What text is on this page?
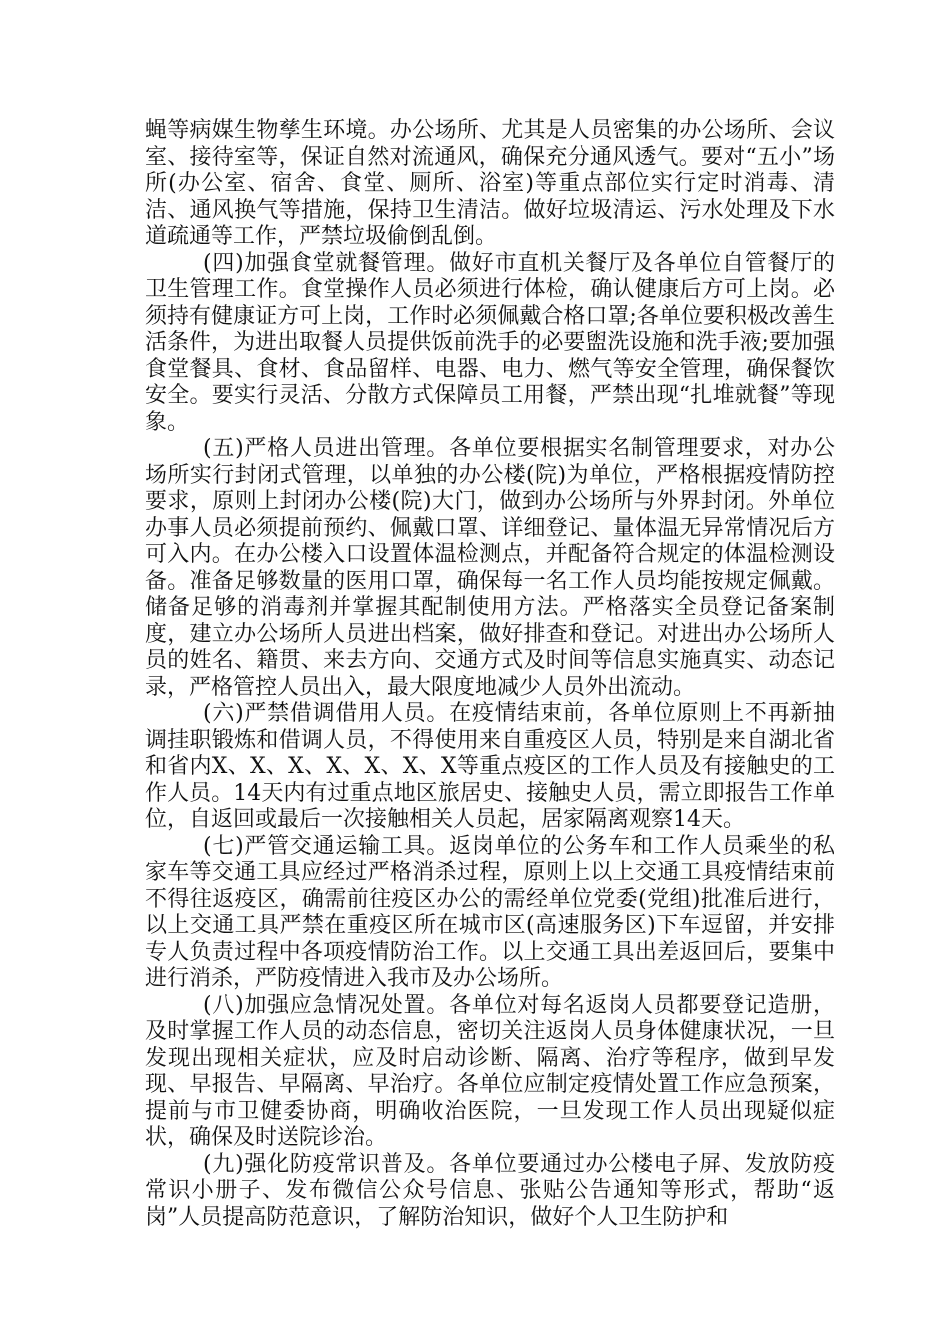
蝇等病媒生物孳生环境。办公场所、尤其是人员密集的办公场所、会议室、接待室等，保证自然对流通风，确保充分通风透气。要对“五小”场所(办公室、宿舍、食堂、厕所、浴室)等重点部位实行定时消毒、清洁、通风换气等措施，保持卫生清洁。做好垃圾清运、污水处理及下水道疏通等工作，严禁垃圾偷倒乱倒。

(四)加强食堂就餐管理。做好市直机关餐厅及各单位自管餐厅的卫生管理工作。食堂操作人员必须进行体检，确认健康后方可上岗。必须持有健康证方可上岗，工作时必须佩戴合格口罩;各单位要积极改善生活条件，为进出取餐人员提供饭前洗手的必要盥洗设施和洗手液;要加强食堂餐具、食材、食品留样、电器、电力、燃气等安全管理，确保餐饮安全。要实行灵活、分散方式保障员工用餐，严禁出现“扎堆就餐”等现象。

(五)严格人员进出管理。各单位要根据实名制管理要求，对办公场所实行封闭式管理，以单独的办公楼(院)为单位，严格根据疫情防控要求，原则上封闭办公楼(院)大门，做到办公场所与外界封闭。外单位办事人员必须提前预约、佩戴口罩、详细登记、量体温无异常情况后方可入内。在办公楼入口设置体温检测点，并配备符合规定的体温检测设备。准备足够数量的医用口罩，确保每一名工作人员均能按规定佩戴。储备足够的消毒剂并掌握其配制使用方法。严格落实全员登记备案制度，建立办公场所人员进出档案，做好排查和登记。对进出办公场所人员的姓名、籍贯、来去方向、交通方式及时间等信息实施真实、动态记录，严格管控人员出入，最大限度地减少人员外出流动。

(六)严禁借调借用人员。在疫情结束前，各单位原则上不再新抽调挂职锻炼和借调人员，不得使用来自重疫区人员，特别是来自湖北省和省内X、X、X、X、X、X、X等重点疫区的工作人员及有接触史的工作人员。14天内有过重点地区旅居史、接触史人员，需立即报告工作单位，自返回或最后一次接触相关人员起，居家隔离观察14天。

(七)严管交通运输工具。返岗单位的公务车和工作人员乘坐的私家车等交通工具应经过严格消杀过程，原则上以上交通工具疫情结束前不得往返疫区，确需前往疫区办公的需经单位党委(党组)批准后进行，以上交通工具严禁在重疫区所在城市区(高速服务区)下车逗留，并安排专人负责过程中各项疫情防治工作。以上交通工具出差返回后，要集中进行消杀，严防疫情进入我市及办公场所。

(八)加强应急情况处置。各单位对每名返岗人员都要登记造册，及时掌握工作人员的动态信息，密切关注返岗人员身体健康状况，一旦发现出现相关症状，应及时启动诊断、隔离、治疗等程序，做到早发现、早报告、早隔离、早治疗。各单位应制定疫情处置工作应急预案，提前与市卫健委协商，明确收治医院，一旦发现工作人员出现疑似症状，确保及时送院诊治。

(九)强化防疫常识普及。各单位要通过办公楼电子屏、发放防疫常识小册子、发布微信公众号信息、张贴公告通知等形式，帮助“返岗”人员提高防范意识，了解防治知识，做好个人卫生防护和
